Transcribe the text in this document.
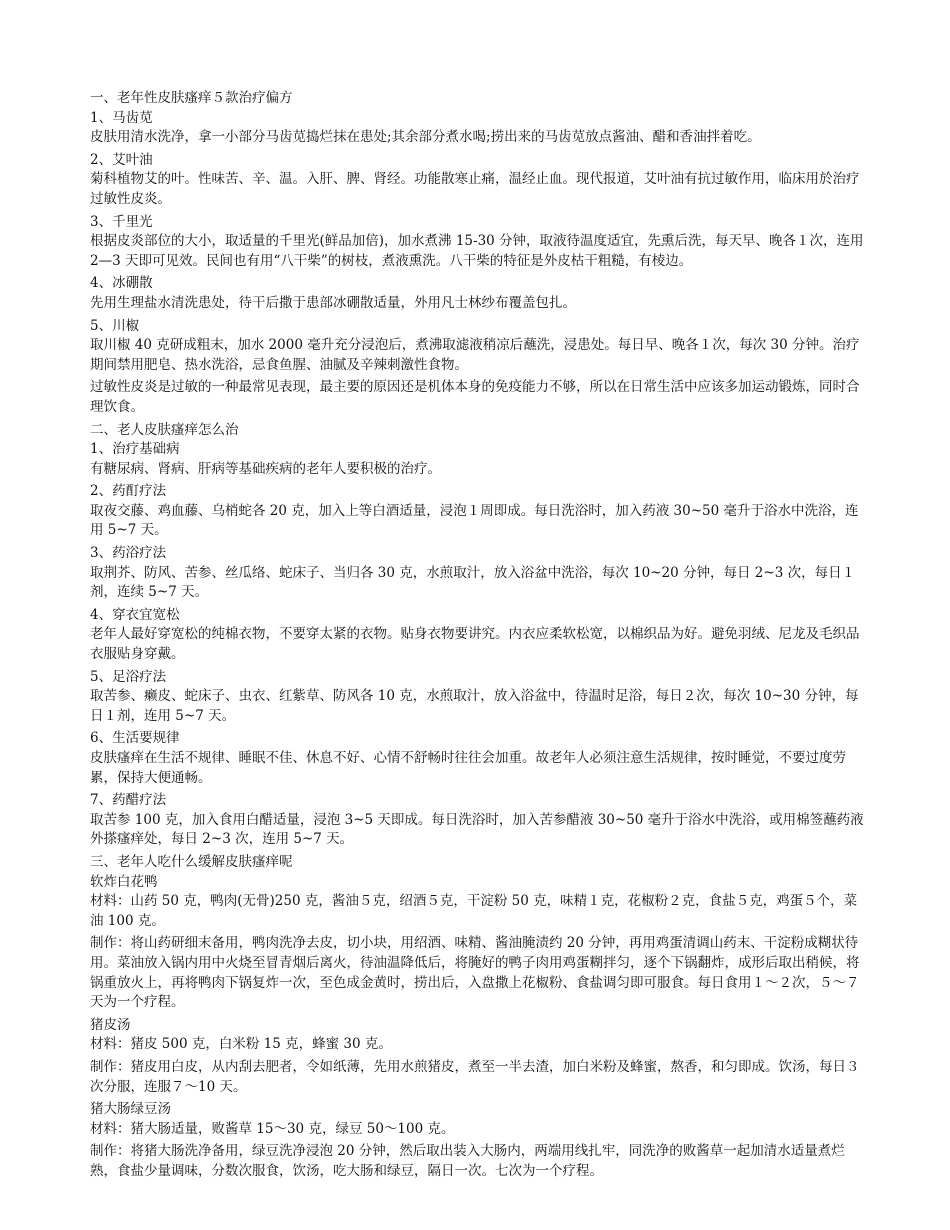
一、老年性皮肤瘙痒５款治疗偏方
1、马齿苋
皮肤用清水洗净，拿一小部分马齿苋捣烂抹在患处;其余部分煮水喝;捞出来的马齿苋放点酱油、醋和香油拌着吃。
2、艾叶油
菊科植物艾的叶。性味苦、辛、温。入肝、脾、肾经。功能散寒止痛，温经止血。现代报道，艾叶油有抗过敏作用，临床用於治疗过敏性皮炎。
3、千里光
根据皮炎部位的大小，取适量的千里光(鲜品加倍)，加水煮沸 15-30 分钟，取液待温度适宜，先熏后洗，每天早、晚各１次，连用 2—3 天即可见效。民间也有用“八干柴”的树枝，煮液熏洗。八干柴的特征是外皮枯干粗糙，有棱边。
4、冰硼散
先用生理盐水清洗患处，待干后撒于患部冰硼散适量，外用凡士林纱布覆盖包扎。
5、川椒
取川椒 40 克研成粗末，加水 2000 毫升充分浸泡后，煮沸取滤液稍凉后蘸洗，浸患处。每日早、晚各１次，每次 30 分钟。治疗期间禁用肥皂、热水洗浴，忌食鱼腥、油腻及辛辣刺激性食物。
过敏性皮炎是过敏的一种最常见表现，最主要的原因还是机体本身的免疫能力不够，所以在日常生活中应该多加运动锻炼，同时合理饮食。
二、老人皮肤瘙痒怎么治
1、治疗基础病
有糖尿病、肾病、肝病等基础疾病的老年人要积极的治疗。
2、药酊疗法
取夜交藤、鸡血藤、乌梢蛇各 20 克，加入上等白酒适量，浸泡１周即成。每日洗浴时，加入药液 30~50 毫升于浴水中洗浴，连用 5~7 天。
3、药浴疗法
取荆芥、防风、苦参、丝瓜络、蛇床子、当归各 30 克，水煎取汁，放入浴盆中洗浴，每次 10~20 分钟，每日 2~3 次，每日１剂，连续 5~7 天。
4、穿衣宜宽松
老年人最好穿宽松的纯棉衣物，不要穿太紧的衣物。贴身衣物要讲究。内衣应柔软松宽，以棉织品为好。避免羽绒、尼龙及毛织品衣服贴身穿戴。
5、足浴疗法
取苦参、癞皮、蛇床子、虫衣、红紫草、防风各 10 克，水煎取汁，放入浴盆中，待温时足浴，每日２次，每次 10~30 分钟，每日１剂，连用 5~7 天。
6、生活要规律
皮肤瘙痒在生活不规律、睡眠不佳、休息不好、心情不舒畅时往往会加重。故老年人必须注意生活规律，按时睡觉，不要过度劳累，保持大便通畅。
7、药醋疗法
取苦参 100 克，加入食用白醋适量，浸泡 3~5 天即成。每日洗浴时，加入苦参醋液 30~50 毫升于浴水中洗浴，或用棉签蘸药液外搽瘙痒处，每日 2~3 次，连用 5~7 天。
三、老年人吃什么缓解皮肤瘙痒呢
软炸白花鸭
材料：山药 50 克，鸭肉(无骨)250 克，酱油５克，绍酒５克，干淀粉 50 克，味精１克，花椒粉２克，食盐５克，鸡蛋５个，菜油 100 克。
制作：将山药研细末备用，鸭肉洗净去皮，切小块，用绍酒、味精、酱油腌渍约 20 分钟，再用鸡蛋清调山药末、干淀粉成糊状待用。菜油放入锅内用中火烧至冒青烟后离火，待油温降低后，将腌好的鸭子肉用鸡蛋糊拌匀，逐个下锅翻炸，成形后取出稍候，将锅重放火上，再将鸭肉下锅复炸一次，至色成金黄时，捞出后，入盘撒上花椒粉、食盐调匀即可服食。每日食用１～２次，５～７天为一个疗程。
猪皮汤
材料：猪皮 500 克，白米粉 15 克，蜂蜜 30 克。
制作：猪皮用白皮，从内刮去肥者，令如纸薄，先用水煎猪皮，煮至一半去渣，加白米粉及蜂蜜，熬香，和匀即成。饮汤，每日３次分服，连服７～10 天。
猪大肠绿豆汤
材料：猪大肠适量，败酱草 15～30 克，绿豆 50～100 克。
制作：将猪大肠洗净备用，绿豆洗净浸泡 20 分钟，然后取出装入大肠内，两端用线扎牢，同洗净的败酱草一起加清水适量煮烂熟，食盐少量调味，分数次服食，饮汤，吃大肠和绿豆，隔日一次。七次为一个疗程。
